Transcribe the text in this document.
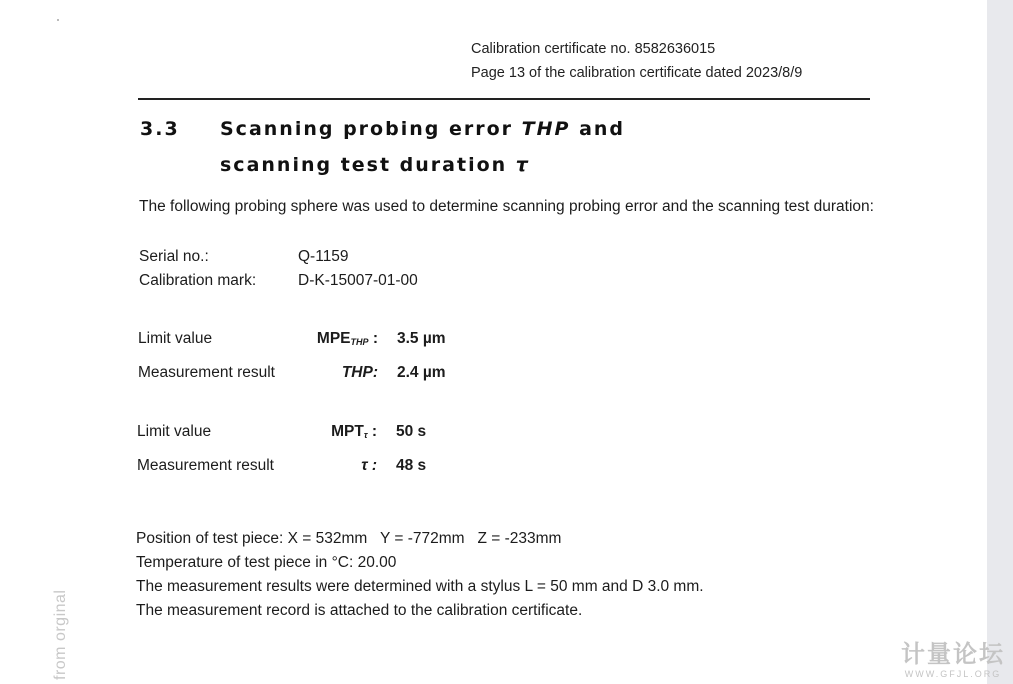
from orginal
Calibration certificate no. 8582636015
Page 13 of the calibration certificate dated 2023/8/9
3.3 Scanning probing error THP and
scanning test duration τ
The following probing sphere was used to determine scanning probing error and the scanning test duration:
Serial no.:	Q-1159
Calibration mark:	D-K-15007-01-00
Limit value	$MPE_{THP}$ : 3.5 µm
Measurement result	THP: 2.4 µm
Limit value	$MPT_\tau$ : 50 s
Measurement result	τ : 48 s
Position of test piece: X = 532mm   Y = -772mm   Z = -233mm
Temperature of test piece in °C: 20.00
The measurement results were determined with a stylus L = 50 mm and D 3.0 mm.
The measurement record is attached to the calibration certificate.
计量论坛
WWW.GFJL.ORG
